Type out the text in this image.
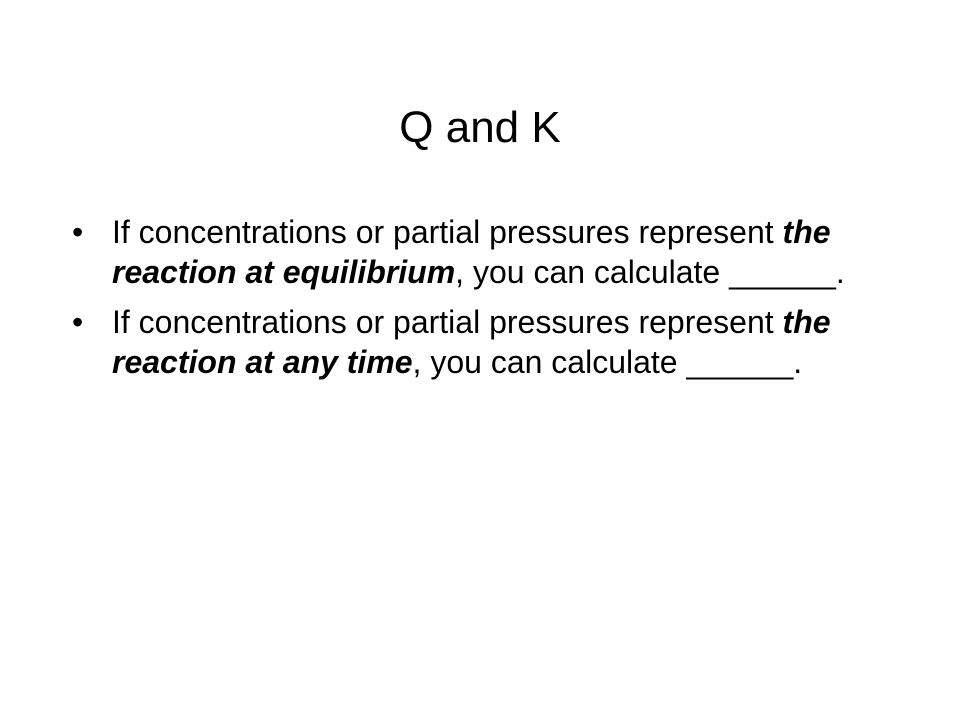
Q and K
• If concentrations or partial pressures represent the reaction at equilibrium, you can calculate ______.
• If concentrations or partial pressures represent the reaction at any time, you can calculate ______.
